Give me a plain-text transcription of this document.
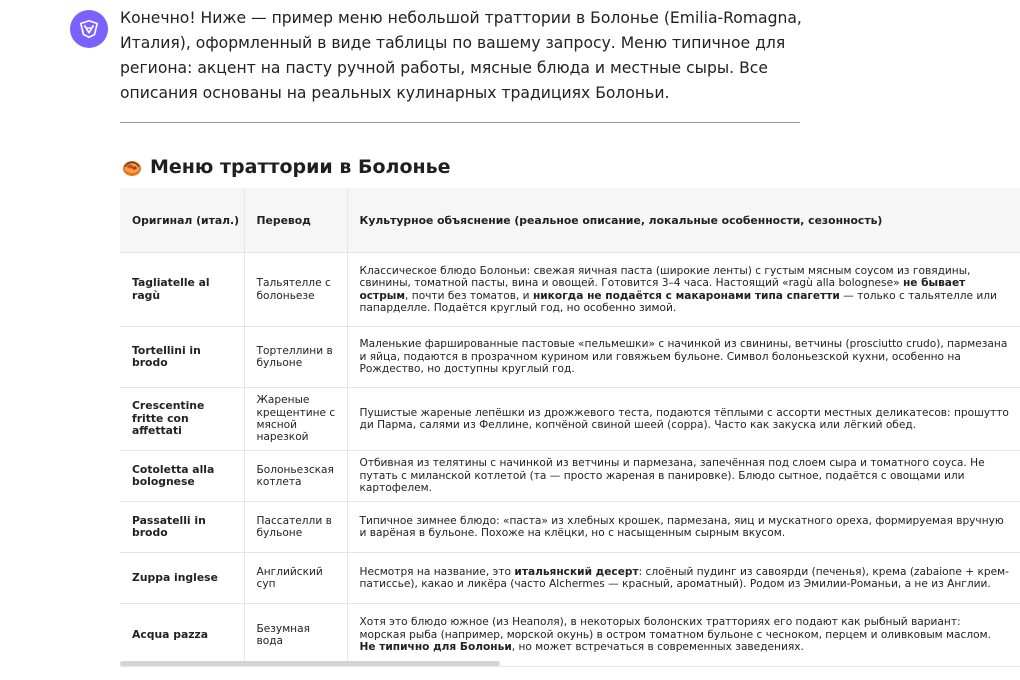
Конечно! Ниже — пример меню небольшой траттории в Болонье (Emilia-Romagna, Италия), оформленный в виде таблицы по вашему запросу. Меню типичное для региона: акцент на пасту ручной работы, мясные блюда и местные сыры. Все описания основаны на реальных кулинарных традициях Болоньи.

Меню траттории в Болонье
Оригинал (итал.)	Перевод	Культурное объяснение (реальное описание, локальные особенности, сезонность)
Tagliatelle al ragù	Тальятелле с болоньезе	Классическое блюдо Болоньи: свежая яичная паста (широкие ленты) с густым мясным соусом из говядины, свинины, томатной пасты, вина и овощей. Готовится 3–4 часа. Настоящий «ragù alla bolognese» не бывает острым, почти без томатов, и никогда не подаётся с макаронами типа спагетти — только с тальятелле или папарделле. Подаётся круглый год, но особенно зимой.
Tortellini in brodo	Тортеллини в бульоне	Маленькие фаршированные пастовые «пельмешки» с начинкой из свинины, ветчины (prosciutto crudo), пармезана и яйца, подаются в прозрачном курином или говяжьем бульоне. Символ болоньезской кухни, особенно на Рождество, но доступны круглый год.
Crescentine fritte con affettati	Жареные крещентине с мясной нарезкой	Пушистые жареные лепёшки из дрожжевого теста, подаются тёплыми с ассорти местных деликатесов: прошутто ди Парма, салями из Феллине, копчёной свиной шеей (coppa). Часто как закуска или лёгкий обед.
Cotoletta alla bolognese	Болоньезская котлета	Отбивная из телятины с начинкой из ветчины и пармезана, запечённая под слоем сыра и томатного соуса. Не путать с миланской котлетой (та — просто жареная в панировке). Блюдо сытное, подаётся с овощами или картофелем.
Passatelli in brodo	Пассателли в бульоне	Типичное зимнее блюдо: «паста» из хлебных крошек, пармезана, яиц и мускатного ореха, формируемая вручную и варёная в бульоне. Похоже на клёцки, но с насыщенным сырным вкусом.
Zuppa inglese	Английский суп	Несмотря на название, это итальянский десерт: слоёный пудинг из савоярди (печенья), крема (zabaione + крем-патиссье), какао и ликёра (часто Alchermes — красный, ароматный). Родом из Эмилии-Романьи, а не из Англии.
Acqua pazza	Безумная вода	Хотя это блюдо южное (из Неаполя), в некоторых болонских тратториях его подают как рыбный вариант: морская рыба (например, морской окунь) в остром томатном бульоне с чесноком, перцем и оливковым маслом. Не типично для Болоньи, но может встречаться в современных заведениях.
